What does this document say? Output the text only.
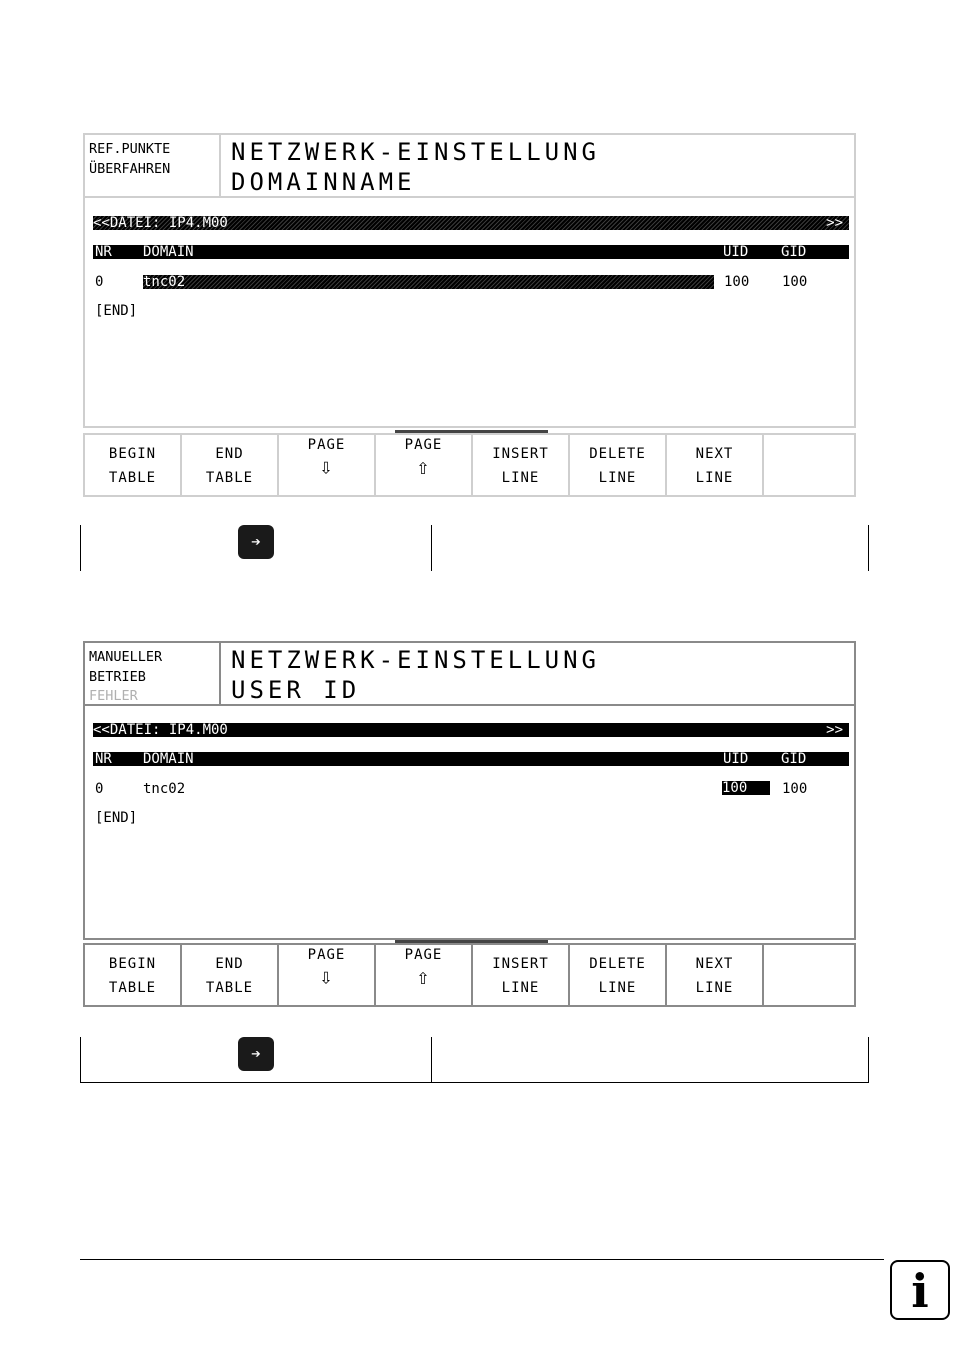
REF.PUNKTE
ÜBERFAHREN
NETZWERK-EINSTELLUNG
DOMAINNAME
<<DATEI: IP4.M00	>>
NR DOMAIN	UID GID
0	tnc02	100 100
[END]
BEGIN
TABLE
END
TABLE
PAGE
⇩
PAGE
⇧
INSERT
LINE
DELETE
LINE
NEXT
LINE
➔
MANUELLER
BETRIEB
FEHLER
NETZWERK-EINSTELLUNG
USER ID
<<DATEI: IP4.M00	>>
NR DOMAIN	UID GID
0	tnc02	100	100
[END]
BEGIN
TABLE
END
TABLE
PAGE
⇩
PAGE
⇧
INSERT
LINE
DELETE
LINE
NEXT
LINE
➔
i
